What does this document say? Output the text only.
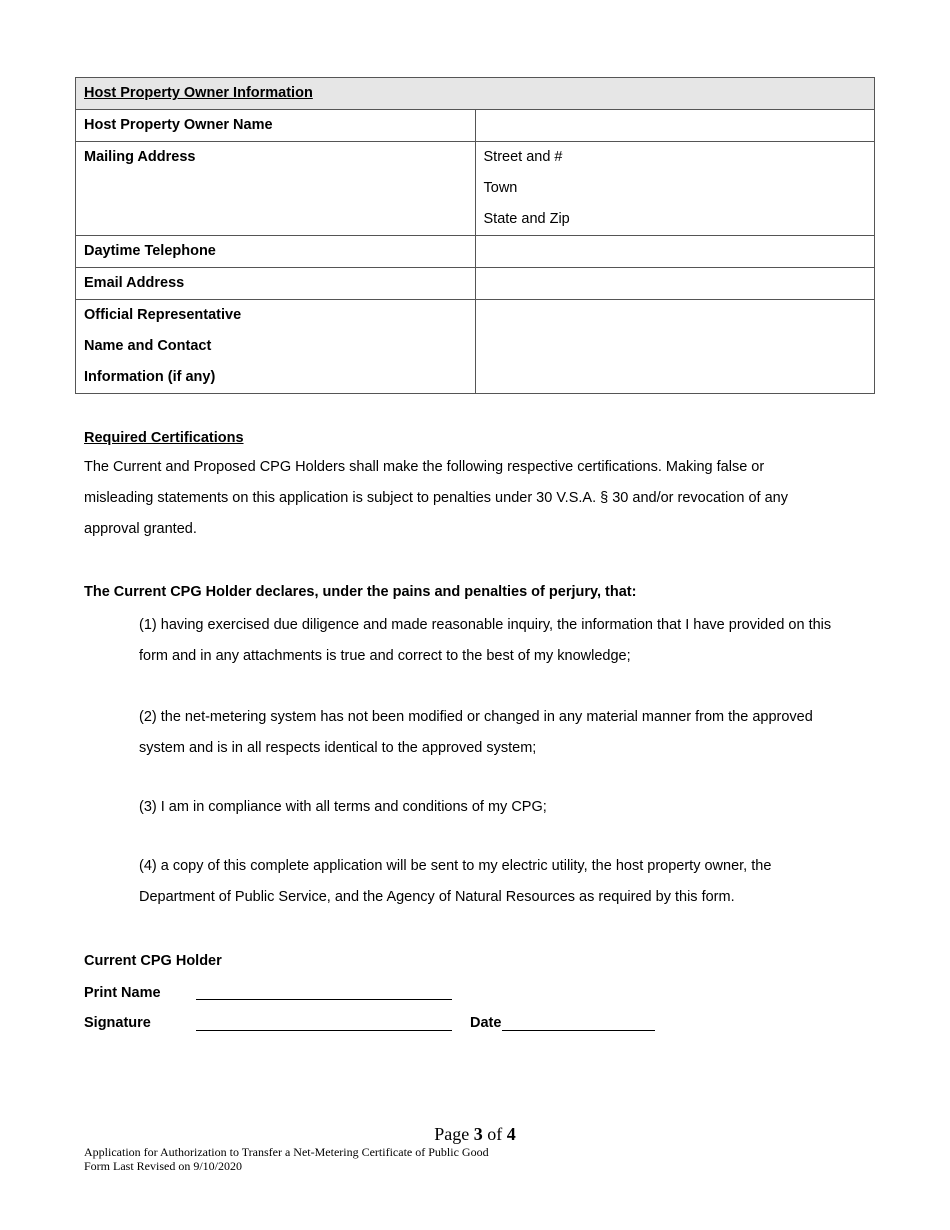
Host Property Owner Information	
Host Property Owner Name	
Mailing Address	Street and #
Town
State and Zip

Daytime Telephone	
Email Address	

Official Representative
Name and Contact
Information (if any)	

Required Certifications
The Current and Proposed CPG Holders shall make the following respective certifications. Making false or
misleading statements on this application is subject to penalties under 30 V.S.A. § 30 and/or revocation of any
approval granted.
The Current CPG Holder declares, under the pains and penalties of perjury, that:
(1) having exercised due diligence and made reasonable inquiry, the information that I have provided on this
form and in any attachments is true and correct to the best of my knowledge;
(2) the net-metering system has not been modified or changed in any material manner from the approved
system and is in all respects identical to the approved system;
(3) I am in compliance with all terms and conditions of my CPG;
(4) a copy of this complete application will be sent to my electric utility, the host property owner, the
Department of Public Service, and the Agency of Natural Resources as required by this form.
Current CPG Holder
Print Name
Signature	Date
Page 3 of 4
Application for Authorization to Transfer a Net-Metering Certificate of Public Good
Form Last Revised on 9/10/2020
